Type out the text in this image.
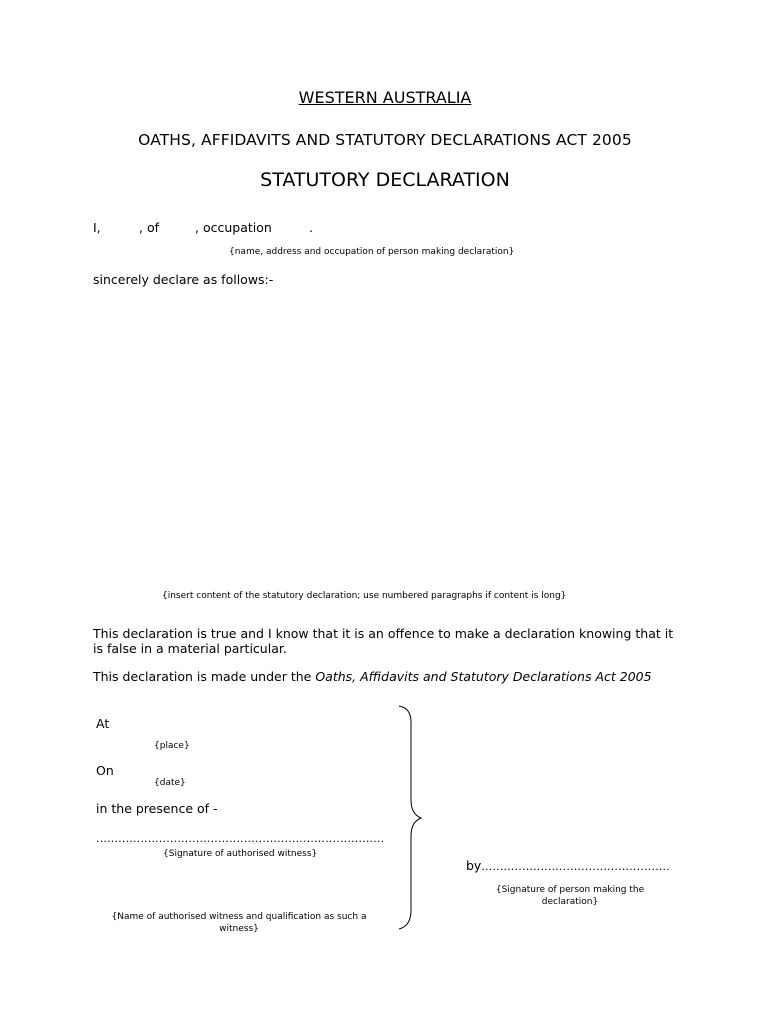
WESTERN AUSTRALIA
OATHS, AFFIDAVITS AND STATUTORY DECLARATIONS ACT 2005
STATUTORY DECLARATION
I,	, of	, occupation	.
{name, address and occupation of person making declaration}
sincerely declare as follows:-
{insert content of the statutory declaration; use numbered paragraphs if content is long}
This declaration is true and I know that it is an offence to make a declaration knowing that it
is false in a material particular.
This declaration is made under the Oaths, Affidavits and Statutory Declarations Act 2005
At
{place}
On
{date}
in the presence of -
..............................................................................
{Signature of authorised witness}
{Name of authorised witness and qualification as such a
witness}
by...................................................
{Signature of person making the
declaration}
